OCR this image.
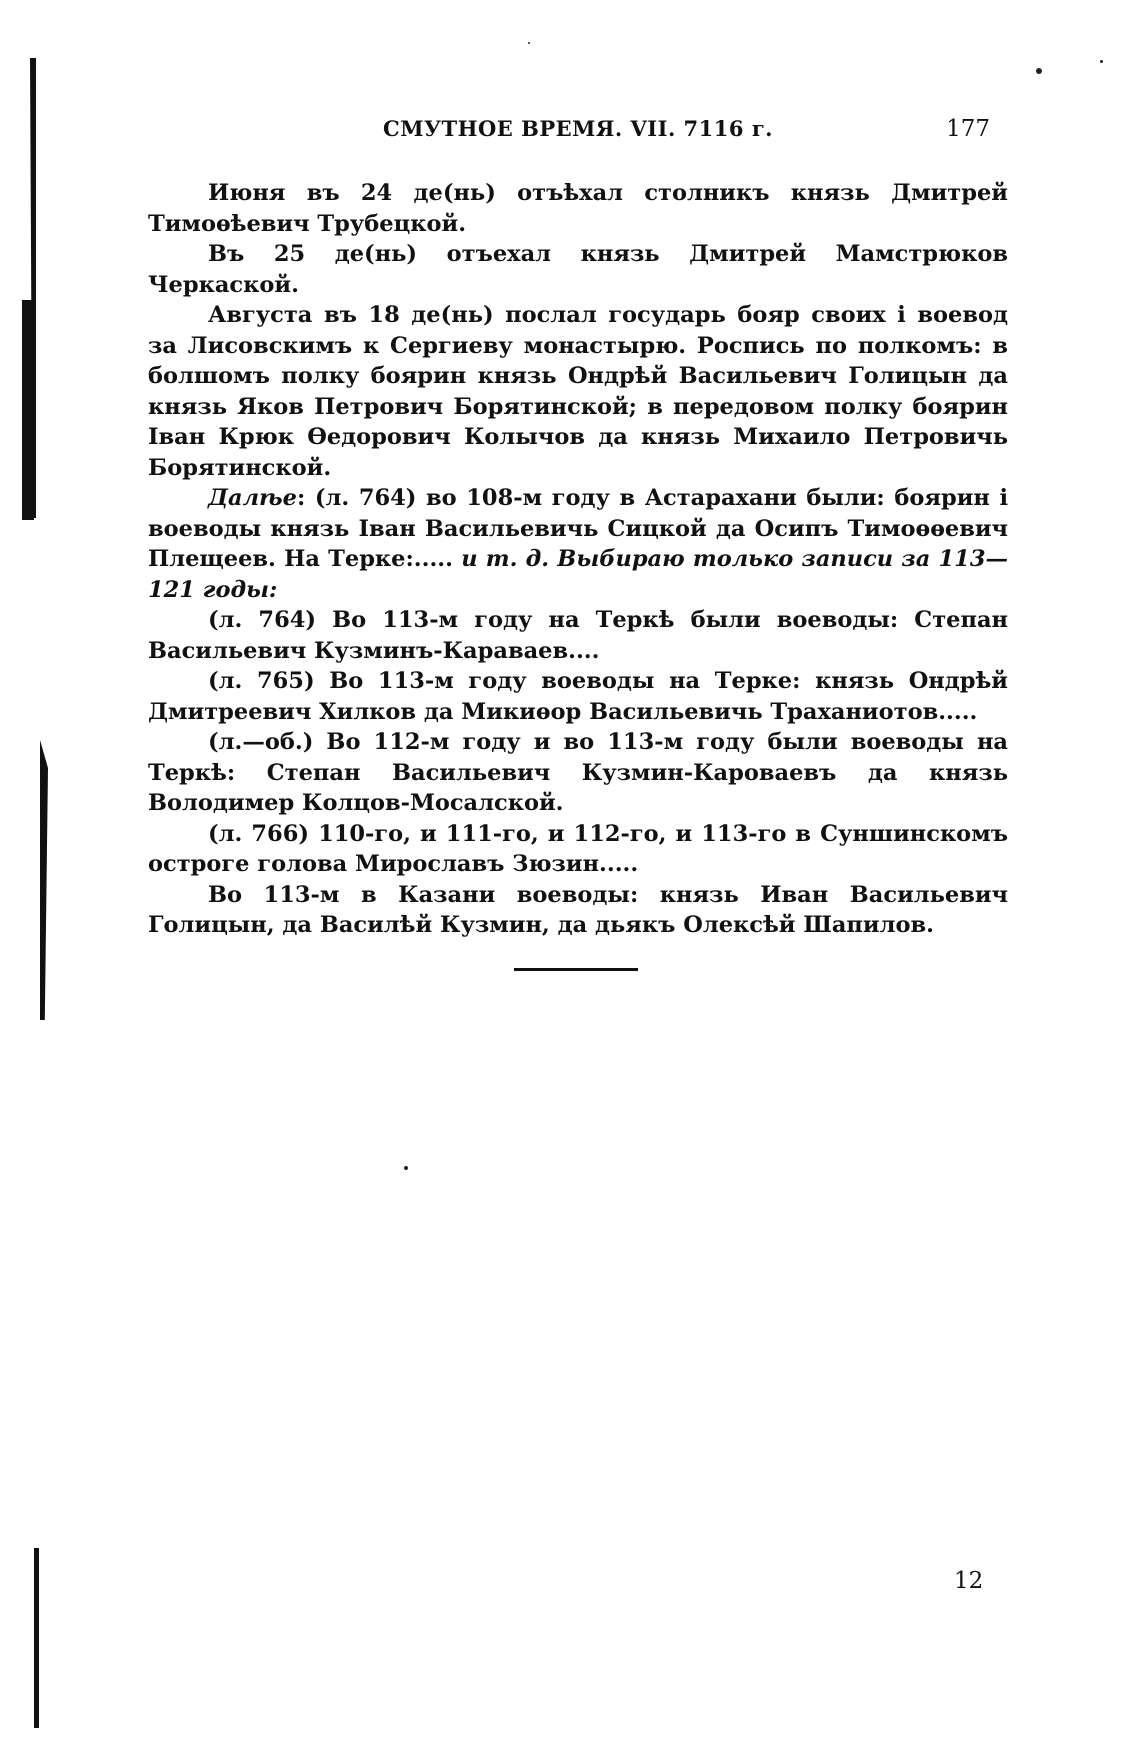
СМУТНОЕ ВРЕМЯ. VII. 7116 г.	177

Июня въ 24 де(нь) отъѣхал столникъ князь Дмитрей Тимоѳѣевич Трубецкой.

Въ 25 де(нь) отъехал князь Дмитрей Мамстрюков Черкаской.

Августа въ 18 де(нь) послал государь бояр своих і воевод за Лисовскимъ к Сергиеву монастырю. Роспись по полкомъ: в болшомъ полку боярин князь Ондрѣй Васильевич Голицын да князь Яков Петрович Борятинской; в передовом полку боярин Іван Крюк Ѳедорович Колычов да князь Михаило Петровичь Борятинской.

Далѣе: (л. 764) во 108-м году в Астарахани были: боярин і воеводы князь Іван Васильевичь Сицкой да Осипъ Тимоѳѳевич Плещеев. На Терке:..... и т. д. Выбираю только записи за 113—121 годы:

(л. 764) Во 113-м году на Теркѣ были воеводы: Степан Васильевич Кузминъ-Караваев....

(л. 765) Во 113-м году воеводы на Терке: князь Ондрѣй Дмитреевич Хилков да Микиѳор Васильевичь Траханиотов.....

(л.—об.) Во 112-м году и во 113-м году были воеводы на Теркѣ: Степан Васильевич Кузмин-Кароваевъ да князь Володимер Колцов-Мосалской.

(л. 766) 110-го, и 111-го, и 112-го, и 113-го в Суншинскомъ остроге голова Мирославъ Зюзин.....

Во 113-м в Казани воеводы: князь Иван Васильевич Голицын, да Василѣй Кузмин, да дьякъ Олексѣй Шапилов.

12
